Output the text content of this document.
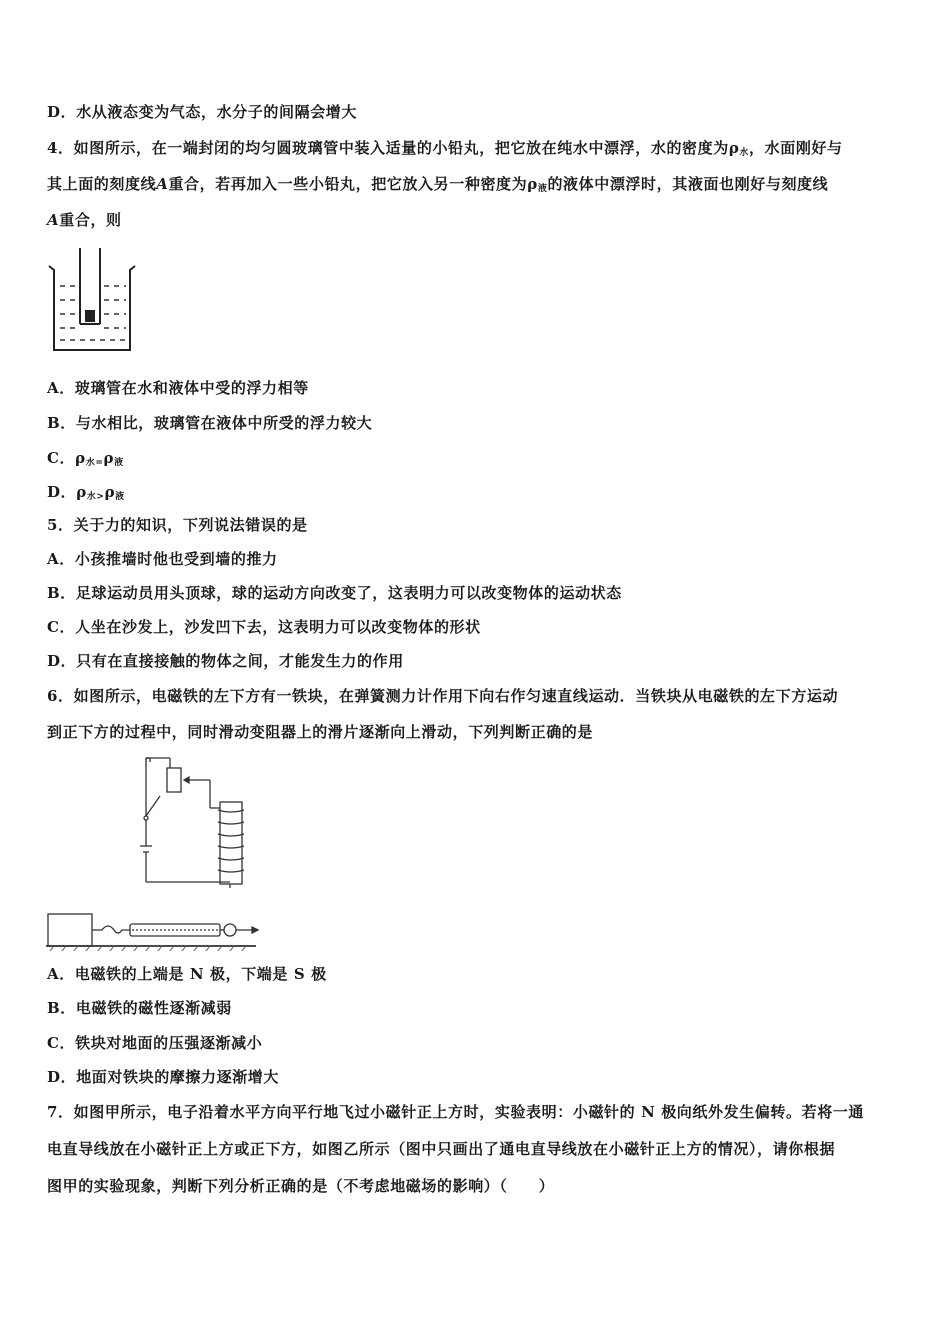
D．水从液态变为气态，水分子的间隔会增大
4．如图所示，在一端封闭的均匀圆玻璃管中装入适量的小铅丸，把它放在纯水中漂浮，水的密度为$\rho_水$，水面刚好与
其上面的刻度线A重合，若再加入一些小铅丸，把它放入另一种密度为$\rho_液$的液体中漂浮时，其液面也刚好与刻度线
A重合，则
A．玻璃管在水和液体中受的浮力相等
B．与水相比，玻璃管在液体中所受的浮力较大
C．$\rho_{水=}\rho_液$
D．$\rho_{水>}\rho_液$
5．关于力的知识，下列说法错误的是
A．小孩推墙时他也受到墙的推力
B．足球运动员用头顶球，球的运动方向改变了，这表明力可以改变物体的运动状态
C．人坐在沙发上，沙发凹下去，这表明力可以改变物体的形状
D．只有在直接接触的物体之间，才能发生力的作用
6．如图所示，电磁铁的左下方有一铁块，在弹簧测力计作用下向右作匀速直线运动．当铁块从电磁铁的左下方运动
到正下方的过程中，同时滑动变阻器上的滑片逐渐向上滑动，下列判断正确的是
A．电磁铁的上端是 N 极，下端是 S 极
B．电磁铁的磁性逐渐减弱
C．铁块对地面的压强逐渐减小
D．地面对铁块的摩擦力逐渐增大
7．如图甲所示，电子沿着水平方向平行地飞过小磁针正上方时，实验表明：小磁针的 N 极向纸外发生偏转。若将一通
电直导线放在小磁针正上方或正下方，如图乙所示（图中只画出了通电直导线放在小磁针正上方的情况），请你根据
图甲的实验现象，判断下列分析正确的是（不考虑地磁场的影响）（　　）
